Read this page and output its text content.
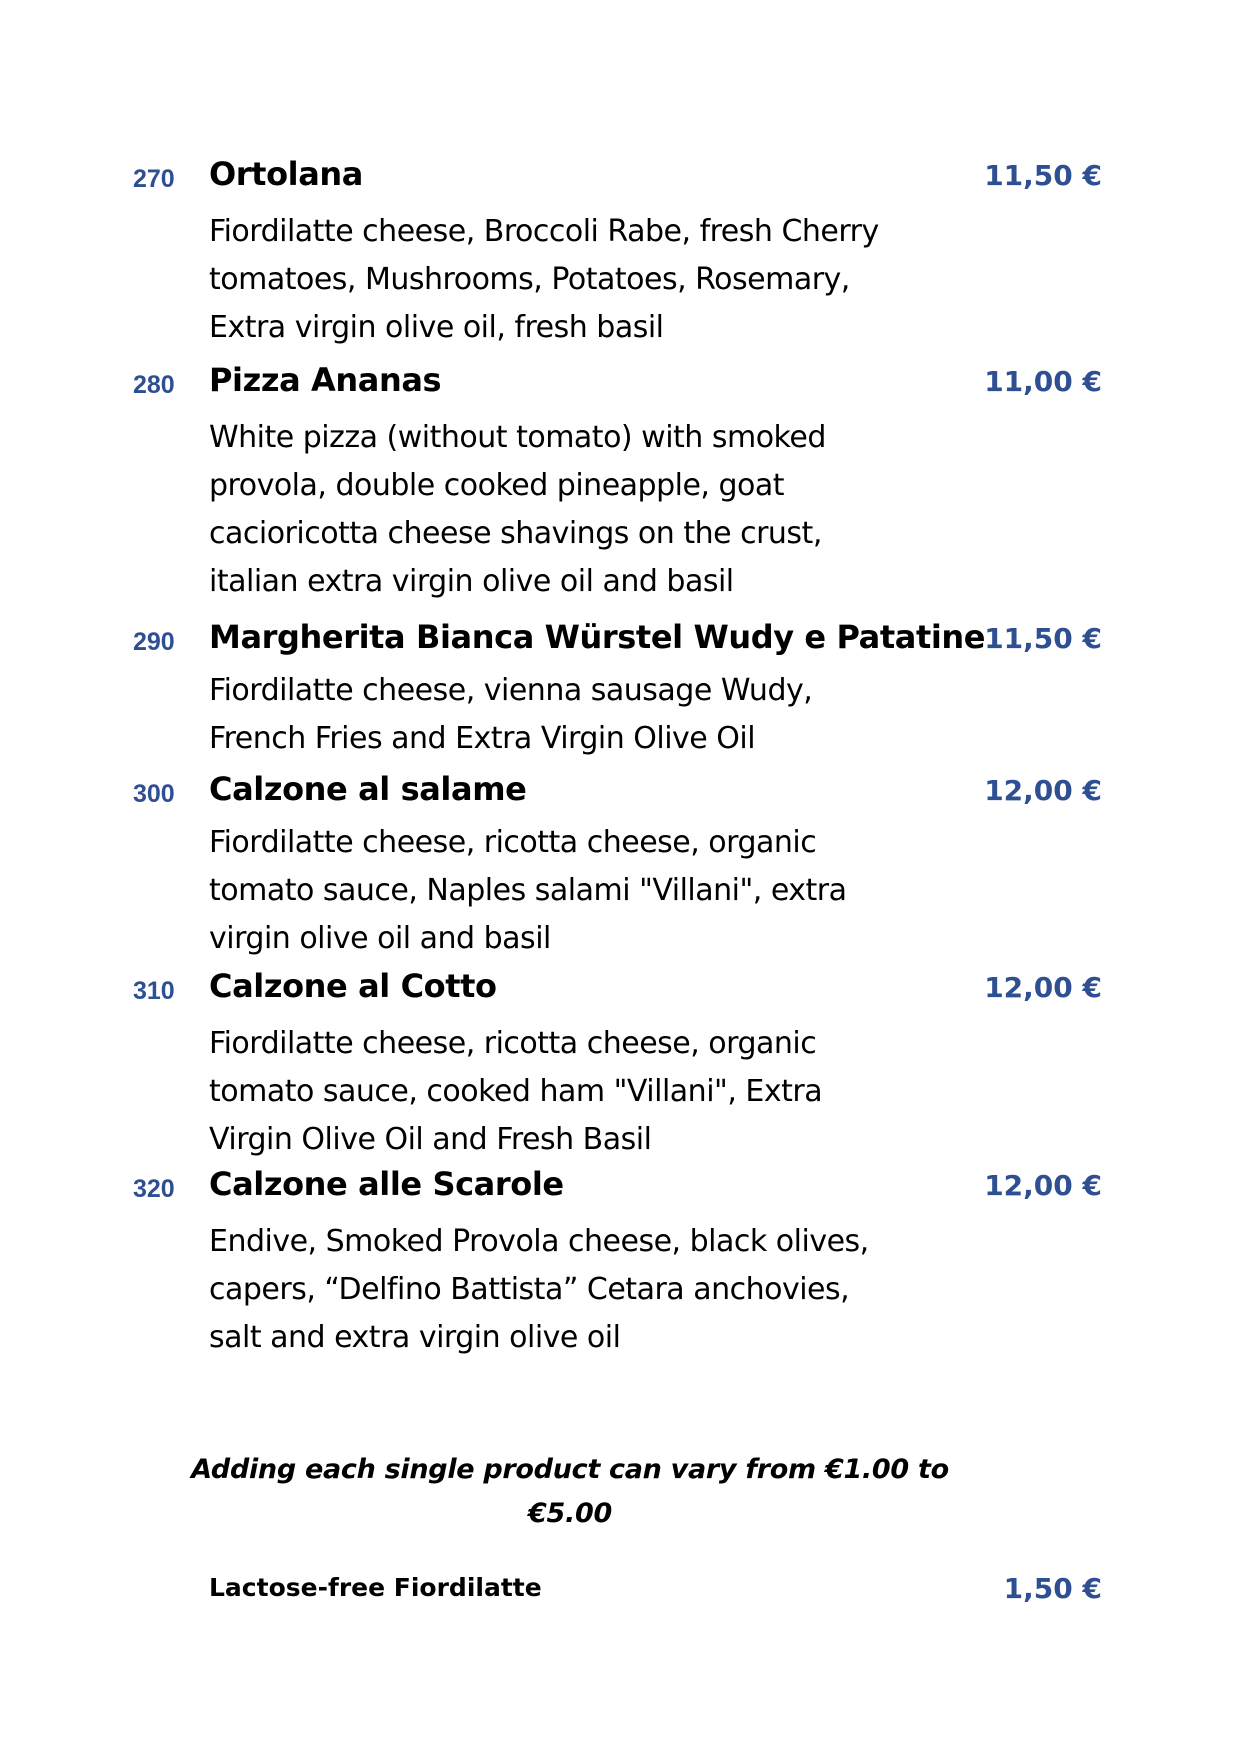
270	Ortolana	11,50 €

Fiordilatte cheese, Broccoli Rabe, fresh Cherry
tomatoes, Mushrooms, Potatoes, Rosemary,
Extra virgin olive oil, fresh basil

280	Pizza Ananas	11,00 €

White pizza (without tomato) with smoked
provola, double cooked pineapple, goat
cacioricotta cheese shavings on the crust,
italian extra virgin olive oil and basil

290	Margherita Bianca Würstel Wudy e Patatine 11,50 €

Fiordilatte cheese, vienna sausage Wudy,
French Fries and Extra Virgin Olive Oil

300	Calzone al salame	12,00 €

Fiordilatte cheese, ricotta cheese, organic
tomato sauce, Naples salami "Villani", extra
virgin olive oil and basil

310	Calzone al Cotto	12,00 €

Fiordilatte cheese, ricotta cheese, organic
tomato sauce, cooked ham "Villani", Extra
Virgin Olive Oil and Fresh Basil

320	Calzone alle Scarole	12,00 €

Endive, Smoked Provola cheese, black olives,
capers, “Delfino Battista” Cetara anchovies,
salt and extra virgin olive oil

Adding each single product can vary from €1.00 to
€5.00
Lactose-free Fiordilatte	1,50 €
